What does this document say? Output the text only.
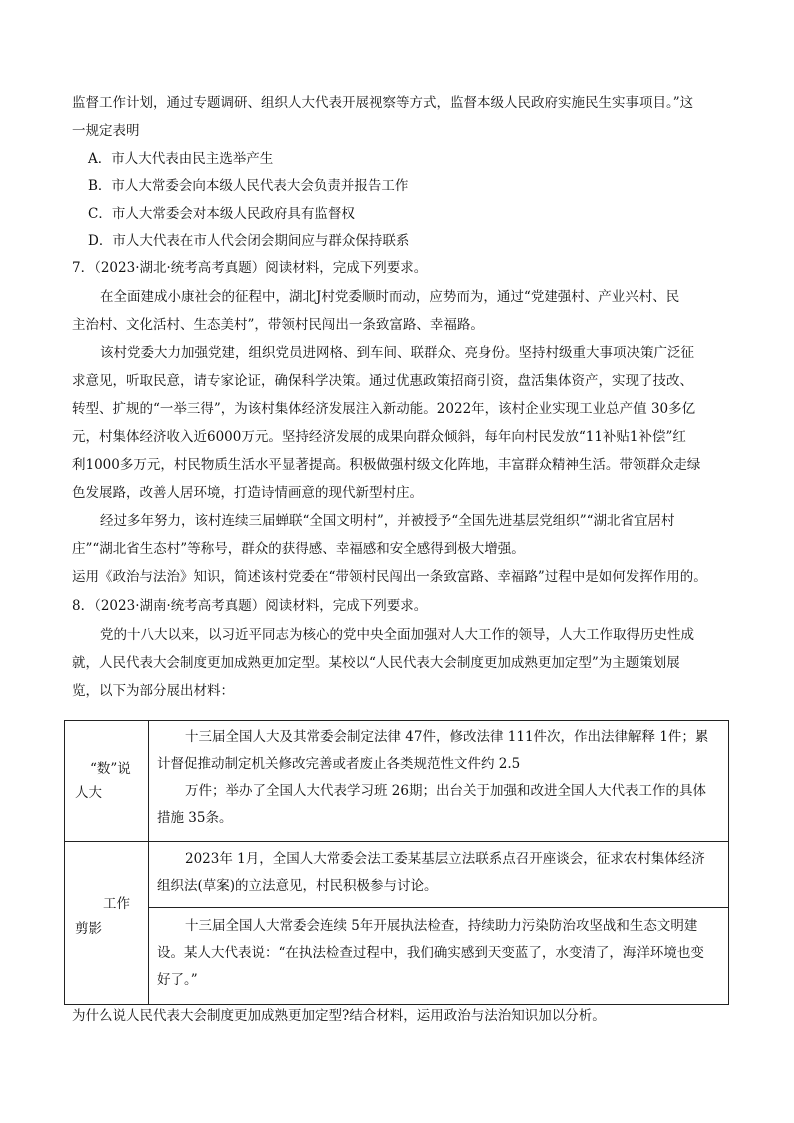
监督工作计划，通过专题调研、组织人大代表开展视察等方式，监督本级人民政府实施民生实事项目。”这
一规定表明
A．市人大代表由民主选举产生
B．市人大常委会向本级人民代表大会负责并报告工作
C．市人大常委会对本级人民政府具有监督权
D．市人大代表在市人代会闭会期间应与群众保持联系
7．（2023·湖北·统考高考真题）阅读材料，完成下列要求。
在全面建成小康社会的征程中，湖北J村党委顺时而动，应势而为，通过“党建强村、产业兴村、民
主治村、文化活村、生态美村”，带领村民闯出一条致富路、幸福路。
该村党委大力加强党建，组织党员进网格、到车间、联群众、亮身份。坚持村级重大事项决策广泛征
求意见，听取民意，请专家论证，确保科学决策。通过优惠政策招商引资，盘活集体资产，实现了技改、
转型、扩规的“一举三得”，为该村集体经济发展注入新动能。2022年，该村企业实现工业总产值 30多亿
元，村集体经济收入近6000万元。坚持经济发展的成果向群众倾斜，每年向村民发放“11补贴1补偿”红
利1000多万元，村民物质生活水平显著提高。积极做强村级文化阵地，丰富群众精神生活。带领群众走绿
色发展路，改善人居环境，打造诗情画意的现代新型村庄。
经过多年努力，该村连续三届蝉联“全国文明村”，并被授予“全国先进基层党组织”“湖北省宜居村
庄”“湖北省生态村”等称号，群众的获得感、幸福感和安全感得到极大增强。
运用《政治与法治》知识，简述该村党委在“带领村民闯出一条致富路、幸福路”过程中是如何发挥作用的。
8．（2023·湖南·统考高考真题）阅读材料，完成下列要求。
党的十八大以来，以习近平同志为核心的党中央全面加强对人大工作的领导，人大工作取得历史性成
就，人民代表大会制度更加成熟更加定型。某校以“人民代表大会制度更加成熟更加定型”为主题策划展
览，以下为部分展出材料：
“数”说
人大
十三届全国人大及其常委会制定法律 47件，修改法律 111件次，作出法律解释 1件；累
计督促推动制定机关修改完善或者废止各类规范性文件约 2.5
万件；举办了全国人大代表学习班 26期；出台关于加强和改进全国人大代表工作的具体
措施 35条。
工作
剪影
2023年 1月，全国人大常委会法工委某基层立法联系点召开座谈会，征求农村集体经济
组织法(草案)的立法意见，村民积极参与讨论。
十三届全国人大常委会连续 5年开展执法检查，持续助力污染防治攻坚战和生态文明建
设。某人大代表说：“在执法检查过程中，我们确实感到天变蓝了，水变清了，海洋环境也变
好了。”
为什么说人民代表大会制度更加成熟更加定型?结合材料，运用政治与法治知识加以分析。
